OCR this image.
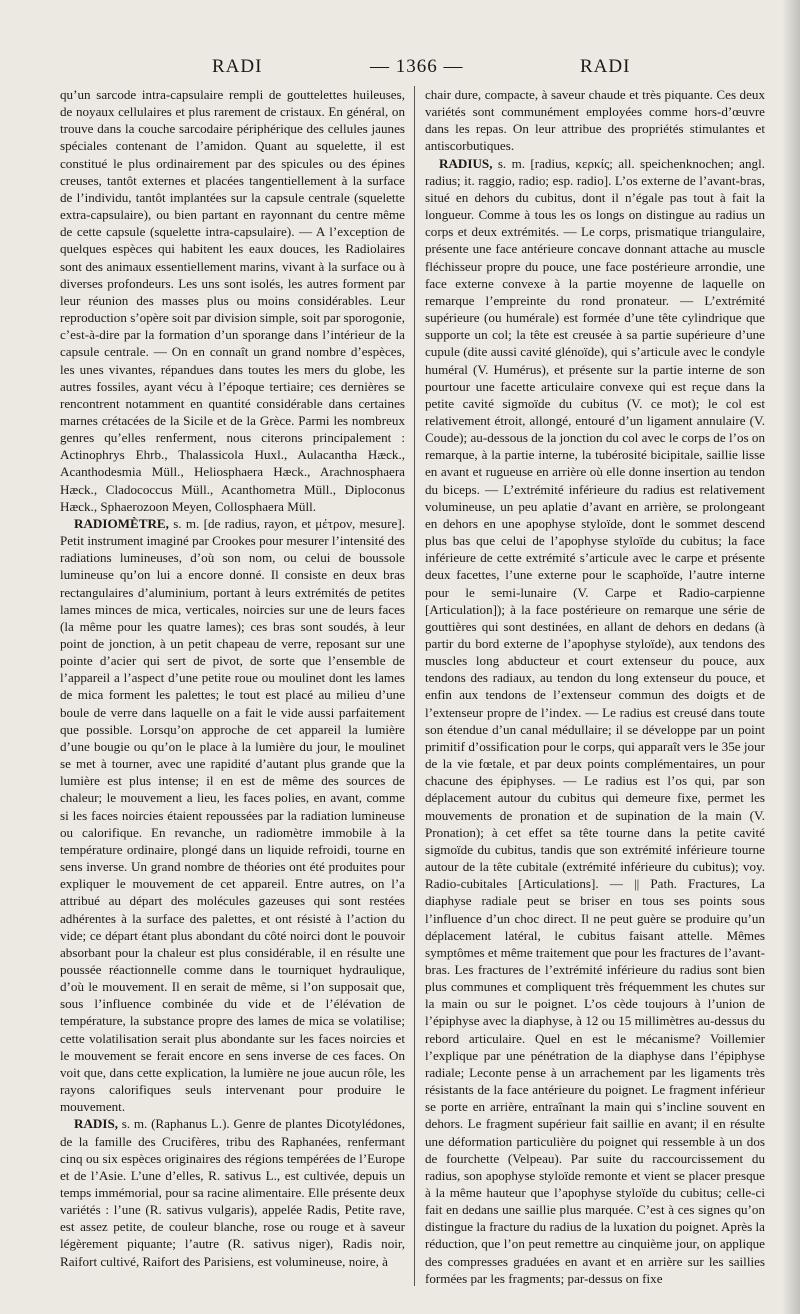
RADI	— 1366 —	RADI

qu’un sarcode intra-capsulaire rempli de gouttelettes huileuses, de noyaux cellulaires et plus rarement de cristaux. En général, on trouve dans la couche sarcodaire périphérique des cellules jaunes spéciales contenant de l’amidon. Quant au squelette, il est constitué le plus ordinairement par des spicules ou des épines creuses, tantôt externes et placées tangentiellement à la surface de l’individu, tantôt implantées sur la capsule centrale (squelette extra-capsulaire), ou bien partant en rayonnant du centre même de cette capsule (squelette intra-capsulaire). — A l’exception de quelques espèces qui habitent les eaux douces, les Radiolaires sont des animaux essentiellement marins, vivant à la surface ou à diverses profondeurs. Les uns sont isolés, les autres forment par leur réunion des masses plus ou moins considérables. Leur reproduction s’opère soit par division simple, soit par sporogonie, c’est-à-dire par la formation d’un sporange dans l’intérieur de la capsule centrale. — On en connaît un grand nombre d’espèces, les unes vivantes, répandues dans toutes les mers du globe, les autres fossiles, ayant vécu à l’époque tertiaire; ces dernières se rencontrent notamment en quantité considérable dans certaines marnes crétacées de la Sicile et de la Grèce. Parmi les nombreux genres qu’elles renferment, nous citerons principalement : Actinophrys Ehrb., Thalassicola Huxl., Aulacantha Hæck., Acanthodesmia Müll., Heliosphaera Hæck., Arachnosphaera Hæck., Cladococcus Müll., Acanthometra Müll., Diploconus Hæck., Sphaerozoon Meyen, Collosphaera Müll.

RADIOMÈTRE, s. m. [de radius, rayon, et μέτρον, mesure]. Petit instrument imaginé par Crookes pour mesurer l’intensité des radiations lumineuses, d’où son nom, ou celui de boussole lumineuse qu’on lui a encore donné. Il consiste en deux bras rectangulaires d’aluminium, portant à leurs extrémités de petites lames minces de mica, verticales, noircies sur une de leurs faces (la même pour les quatre lames); ces bras sont soudés, à leur point de jonction, à un petit chapeau de verre, reposant sur une pointe d’acier qui sert de pivot, de sorte que l’ensemble de l’appareil a l’aspect d’une petite roue ou moulinet dont les lames de mica forment les palettes; le tout est placé au milieu d’une boule de verre dans laquelle on a fait le vide aussi parfaitement que possible. Lorsqu’on approche de cet appareil la lumière d’une bougie ou qu’on le place à la lumière du jour, le moulinet se met à tourner, avec une rapidité d’autant plus grande que la lumière est plus intense; il en est de même des sources de chaleur; le mouvement a lieu, les faces polies, en avant, comme si les faces noircies étaient repoussées par la radiation lumineuse ou calorifique. En revanche, un radiomètre immobile à la température ordinaire, plongé dans un liquide refroidi, tourne en sens inverse. Un grand nombre de théories ont été produites pour expliquer le mouvement de cet appareil. Entre autres, on l’a attribué au départ des molécules gazeuses qui sont restées adhérentes à la surface des palettes, et ont résisté à l’action du vide; ce départ étant plus abondant du côté noirci dont le pouvoir absorbant pour la chaleur est plus considérable, il en résulte une poussée réactionnelle comme dans le tourniquet hydraulique, d’où le mouvement. Il en serait de même, si l’on supposait que, sous l’influence combinée du vide et de l’élévation de température, la substance propre des lames de mica se volatilise; cette volatilisation serait plus abondante sur les faces noircies et le mouvement se ferait encore en sens inverse de ces faces. On voit que, dans cette explication, la lumière ne joue aucun rôle, les rayons calorifiques seuls intervenant pour produire le mouvement.

RADIS, s. m. (Raphanus L.). Genre de plantes Dicotylédones, de la famille des Crucifères, tribu des Raphanées, renfermant cinq ou six espèces originaires des régions tempérées de l’Europe et de l’Asie. L’une d’elles, R. sativus L., est cultivée, depuis un temps immémorial, pour sa racine alimentaire. Elle présente deux variétés : l’une (R. sativus vulgaris), appelée Radis, Petite rave, est assez petite, de couleur blanche, rose ou rouge et à saveur légèrement piquante; l’autre (R. sativus niger), Radis noir, Raifort cultivé, Raifort des Parisiens, est volumineuse, noire, à

chair dure, compacte, à saveur chaude et très piquante. Ces deux variétés sont communément employées comme hors-d’œuvre dans les repas. On leur attribue des propriétés stimulantes et antiscorbutiques.

RADIUS, s. m. [radius, κερκίς; all. speichenknochen; angl. radius; it. raggio, radio; esp. radio]. L’os externe de l’avant-bras, situé en dehors du cubitus, dont il n’égale pas tout à fait la longueur. Comme à tous les os longs on distingue au radius un corps et deux extrémités. — Le corps, prismatique triangulaire, présente une face antérieure concave donnant attache au muscle fléchisseur propre du pouce, une face postérieure arrondie, une face externe convexe à la partie moyenne de laquelle on remarque l’empreinte du rond pronateur. — L’extrémité supérieure (ou humérale) est formée d’une tête cylindrique que supporte un col; la tête est creusée à sa partie supérieure d’une cupule (dite aussi cavité glénoïde), qui s’articule avec le condyle huméral (V. Humérus), et présente sur la partie interne de son pourtour une facette articulaire convexe qui est reçue dans la petite cavité sigmoïde du cubitus (V. ce mot); le col est relativement étroit, allongé, entouré d’un ligament annulaire (V. Coude); au-dessous de la jonction du col avec le corps de l’os on remarque, à la partie interne, la tubérosité bicipitale, saillie lisse en avant et rugueuse en arrière où elle donne insertion au tendon du biceps. — L’extrémité inférieure du radius est relativement volumineuse, un peu aplatie d’avant en arrière, se prolongeant en dehors en une apophyse styloïde, dont le sommet descend plus bas que celui de l’apophyse styloïde du cubitus; la face inférieure de cette extrémité s’articule avec le carpe et présente deux facettes, l’une externe pour le scaphoïde, l’autre interne pour le semi-lunaire (V. Carpe et Radio-carpienne [Articulation]); à la face postérieure on remarque une série de gouttières qui sont destinées, en allant de dehors en dedans (à partir du bord externe de l’apophyse styloïde), aux tendons des muscles long abducteur et court extenseur du pouce, aux tendons des radiaux, au tendon du long extenseur du pouce, et enfin aux tendons de l’extenseur commun des doigts et de l’extenseur propre de l’index. — Le radius est creusé dans toute son étendue d’un canal médullaire; il se développe par un point primitif d’ossification pour le corps, qui apparaît vers le 35e jour de la vie fœtale, et par deux points complémentaires, un pour chacune des épiphyses. — Le radius est l’os qui, par son déplacement autour du cubitus qui demeure fixe, permet les mouvements de pronation et de supination de la main (V. Pronation); à cet effet sa tête tourne dans la petite cavité sigmoïde du cubitus, tandis que son extrémité inférieure tourne autour de la tête cubitale (extrémité inférieure du cubitus); voy. Radio-cubitales [Articulations]. — || Path. Fractures, La diaphyse radiale peut se briser en tous ses points sous l’influence d’un choc direct. Il ne peut guère se produire qu’un déplacement latéral, le cubitus faisant attelle. Mêmes symptômes et même traitement que pour les fractures de l’avant-bras. Les fractures de l’extrémité inférieure du radius sont bien plus communes et compliquent très fréquemment les chutes sur la main ou sur le poignet. L’os cède toujours à l’union de l’épiphyse avec la diaphyse, à 12 ou 15 millimètres au-dessus du rebord articulaire. Quel en est le mécanisme? Voillemier l’explique par une pénétration de la diaphyse dans l’épiphyse radiale; Leconte pense à un arrachement par les ligaments très résistants de la face antérieure du poignet. Le fragment inférieur se porte en arrière, entraînant la main qui s’incline souvent en dehors. Le fragment supérieur fait saillie en avant; il en résulte une déformation particulière du poignet qui ressemble à un dos de fourchette (Velpeau). Par suite du raccourcissement du radius, son apophyse styloïde remonte et vient se placer presque à la même hauteur que l’apophyse styloïde du cubitus; celle-ci fait en dedans une saillie plus marquée. C’est à ces signes qu’on distingue la fracture du radius de la luxation du poignet. Après la réduction, que l’on peut remettre au cinquième jour, on applique des compresses graduées en avant et en arrière sur les saillies formées par les fragments; par-dessus on fixe
